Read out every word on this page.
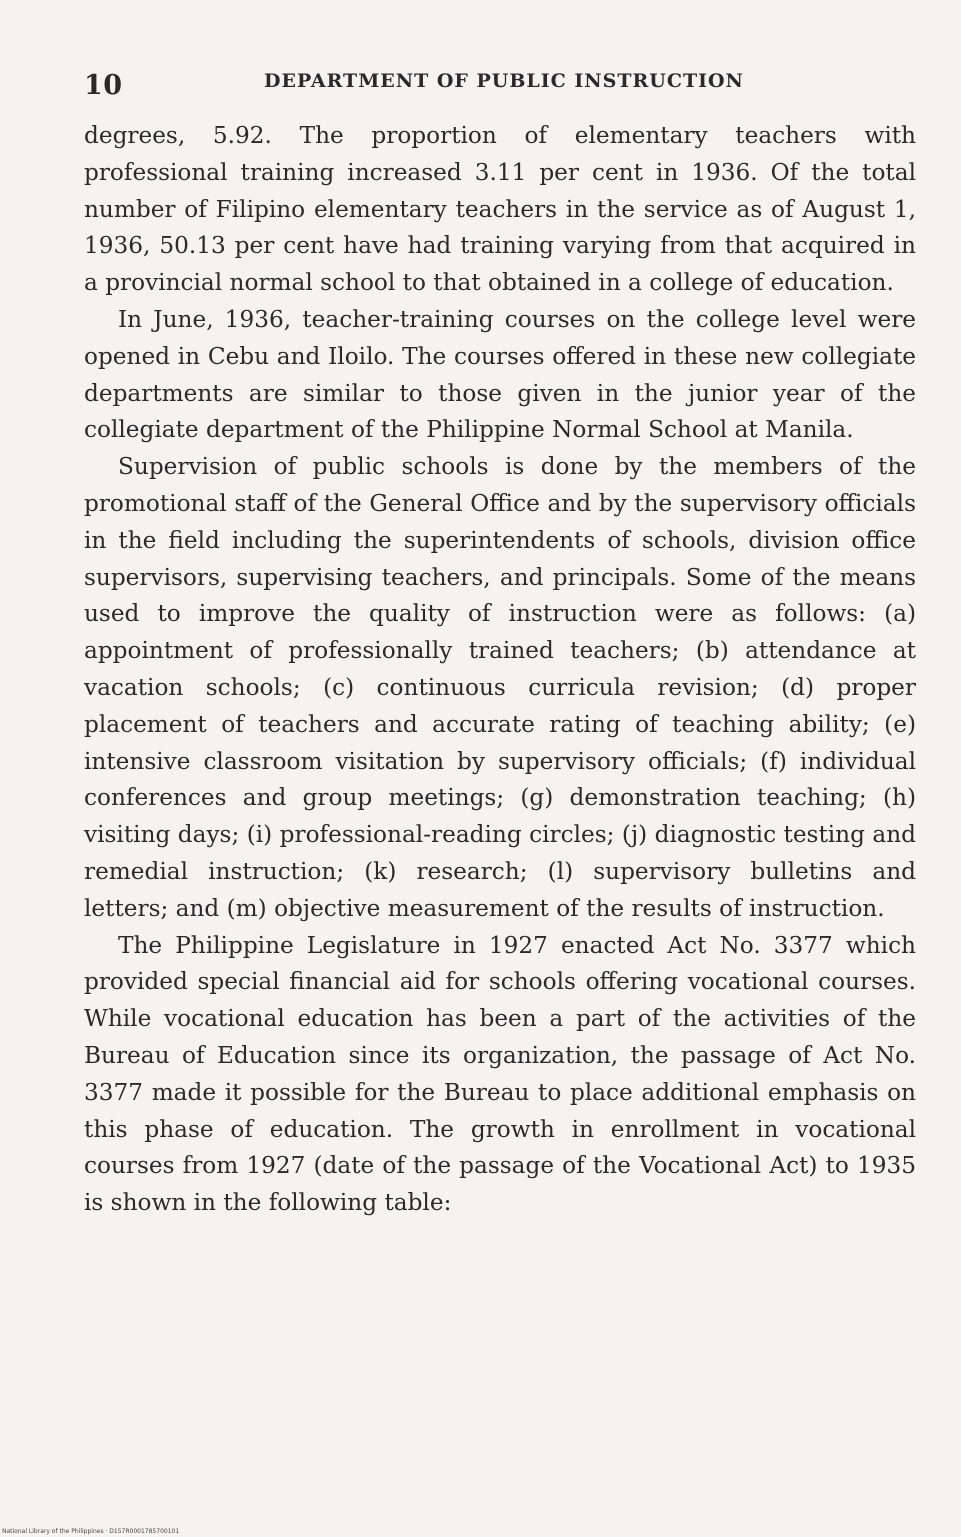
10	DEPARTMENT OF PUBLIC INSTRUCTION

degrees, 5.92. The proportion of elementary teachers with professional training increased 3.11 per cent in 1936. Of the total number of Filipino elementary teachers in the service as of August 1, 1936, 50.13 per cent have had training varying from that acquired in a provincial normal school to that obtained in a college of education.

In June, 1936, teacher-training courses on the college level were opened in Cebu and Iloilo. The courses offered in these new collegiate departments are similar to those given in the junior year of the collegiate department of the Philippine Normal School at Manila.

Supervision of public schools is done by the members of the promotional staff of the General Office and by the supervisory officials in the field including the superintendents of schools, division office supervisors, supervising teachers, and principals. Some of the means used to improve the quality of instruction were as follows: (a) appointment of professionally trained teachers; (b) attendance at vacation schools; (c) continuous curricula revision; (d) proper placement of teachers and accurate rating of teaching ability; (e) intensive classroom visitation by supervisory officials; (f) individual conferences and group meetings; (g) demonstration teaching; (h) visiting days; (i) professional-reading circles; (j) diagnostic testing and remedial instruction; (k) research; (l) supervisory bulletins and letters; and (m) objective measurement of the results of instruction.

The Philippine Legislature in 1927 enacted Act No. 3377 which provided special financial aid for schools offering vocational courses. While vocational education has been a part of the activities of the Bureau of Education since its organization, the passage of Act No. 3377 made it possible for the Bureau to place additional emphasis on this phase of education. The growth in enrollment in vocational courses from 1927 (date of the passage of the Vocational Act) to 1935 is shown in the following table:

National Library of the Philippines · D157R0001785700101
